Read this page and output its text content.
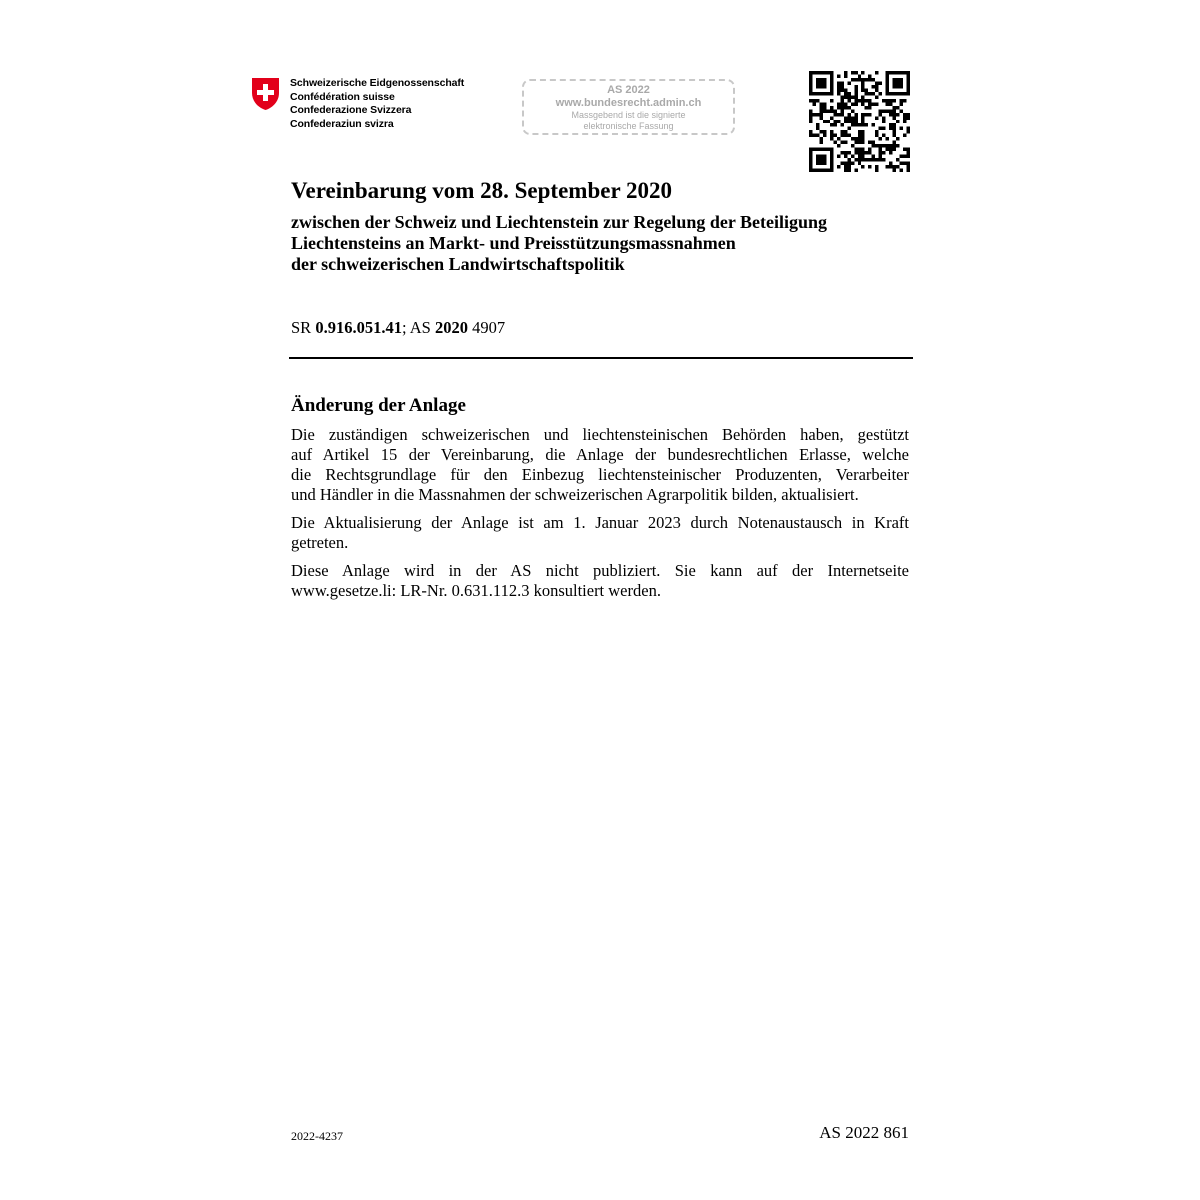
Schweizerische Eidgenossenschaft
Confédération suisse
Confederazione Svizzera
Confederaziun svizra
AS 2022
www.bundesrecht.admin.ch
Massgebend ist die signierte
elektronische Fassung
Vereinbarung vom 28. September 2020
zwischen der Schweiz und Liechtenstein zur Regelung der Beteiligung
Liechtensteins an Markt- und Preisstützungsmassnahmen
der schweizerischen Landwirtschaftspolitik
SR 0.916.051.41; AS 2020 4907
Änderung der Anlage

Die zuständigen schweizerischen und liechtensteinischen Behörden haben, gestützt
auf Artikel 15 der Vereinbarung, die Anlage der bundesrechtlichen Erlasse, welche
die Rechtsgrundlage für den Einbezug liechtensteinischer Produzenten, Verarbeiter
und Händler in die Massnahmen der schweizerischen Agrarpolitik bilden, aktualisiert.

Die Aktualisierung der Anlage ist am 1. Januar 2023 durch Notenaustausch in Kraft
getreten.

Diese Anlage wird in der AS nicht publiziert. Sie kann auf der Internetseite
www.gesetze.li: LR-Nr. 0.631.112.3 konsultiert werden.

2022-4237	AS 2022 861
